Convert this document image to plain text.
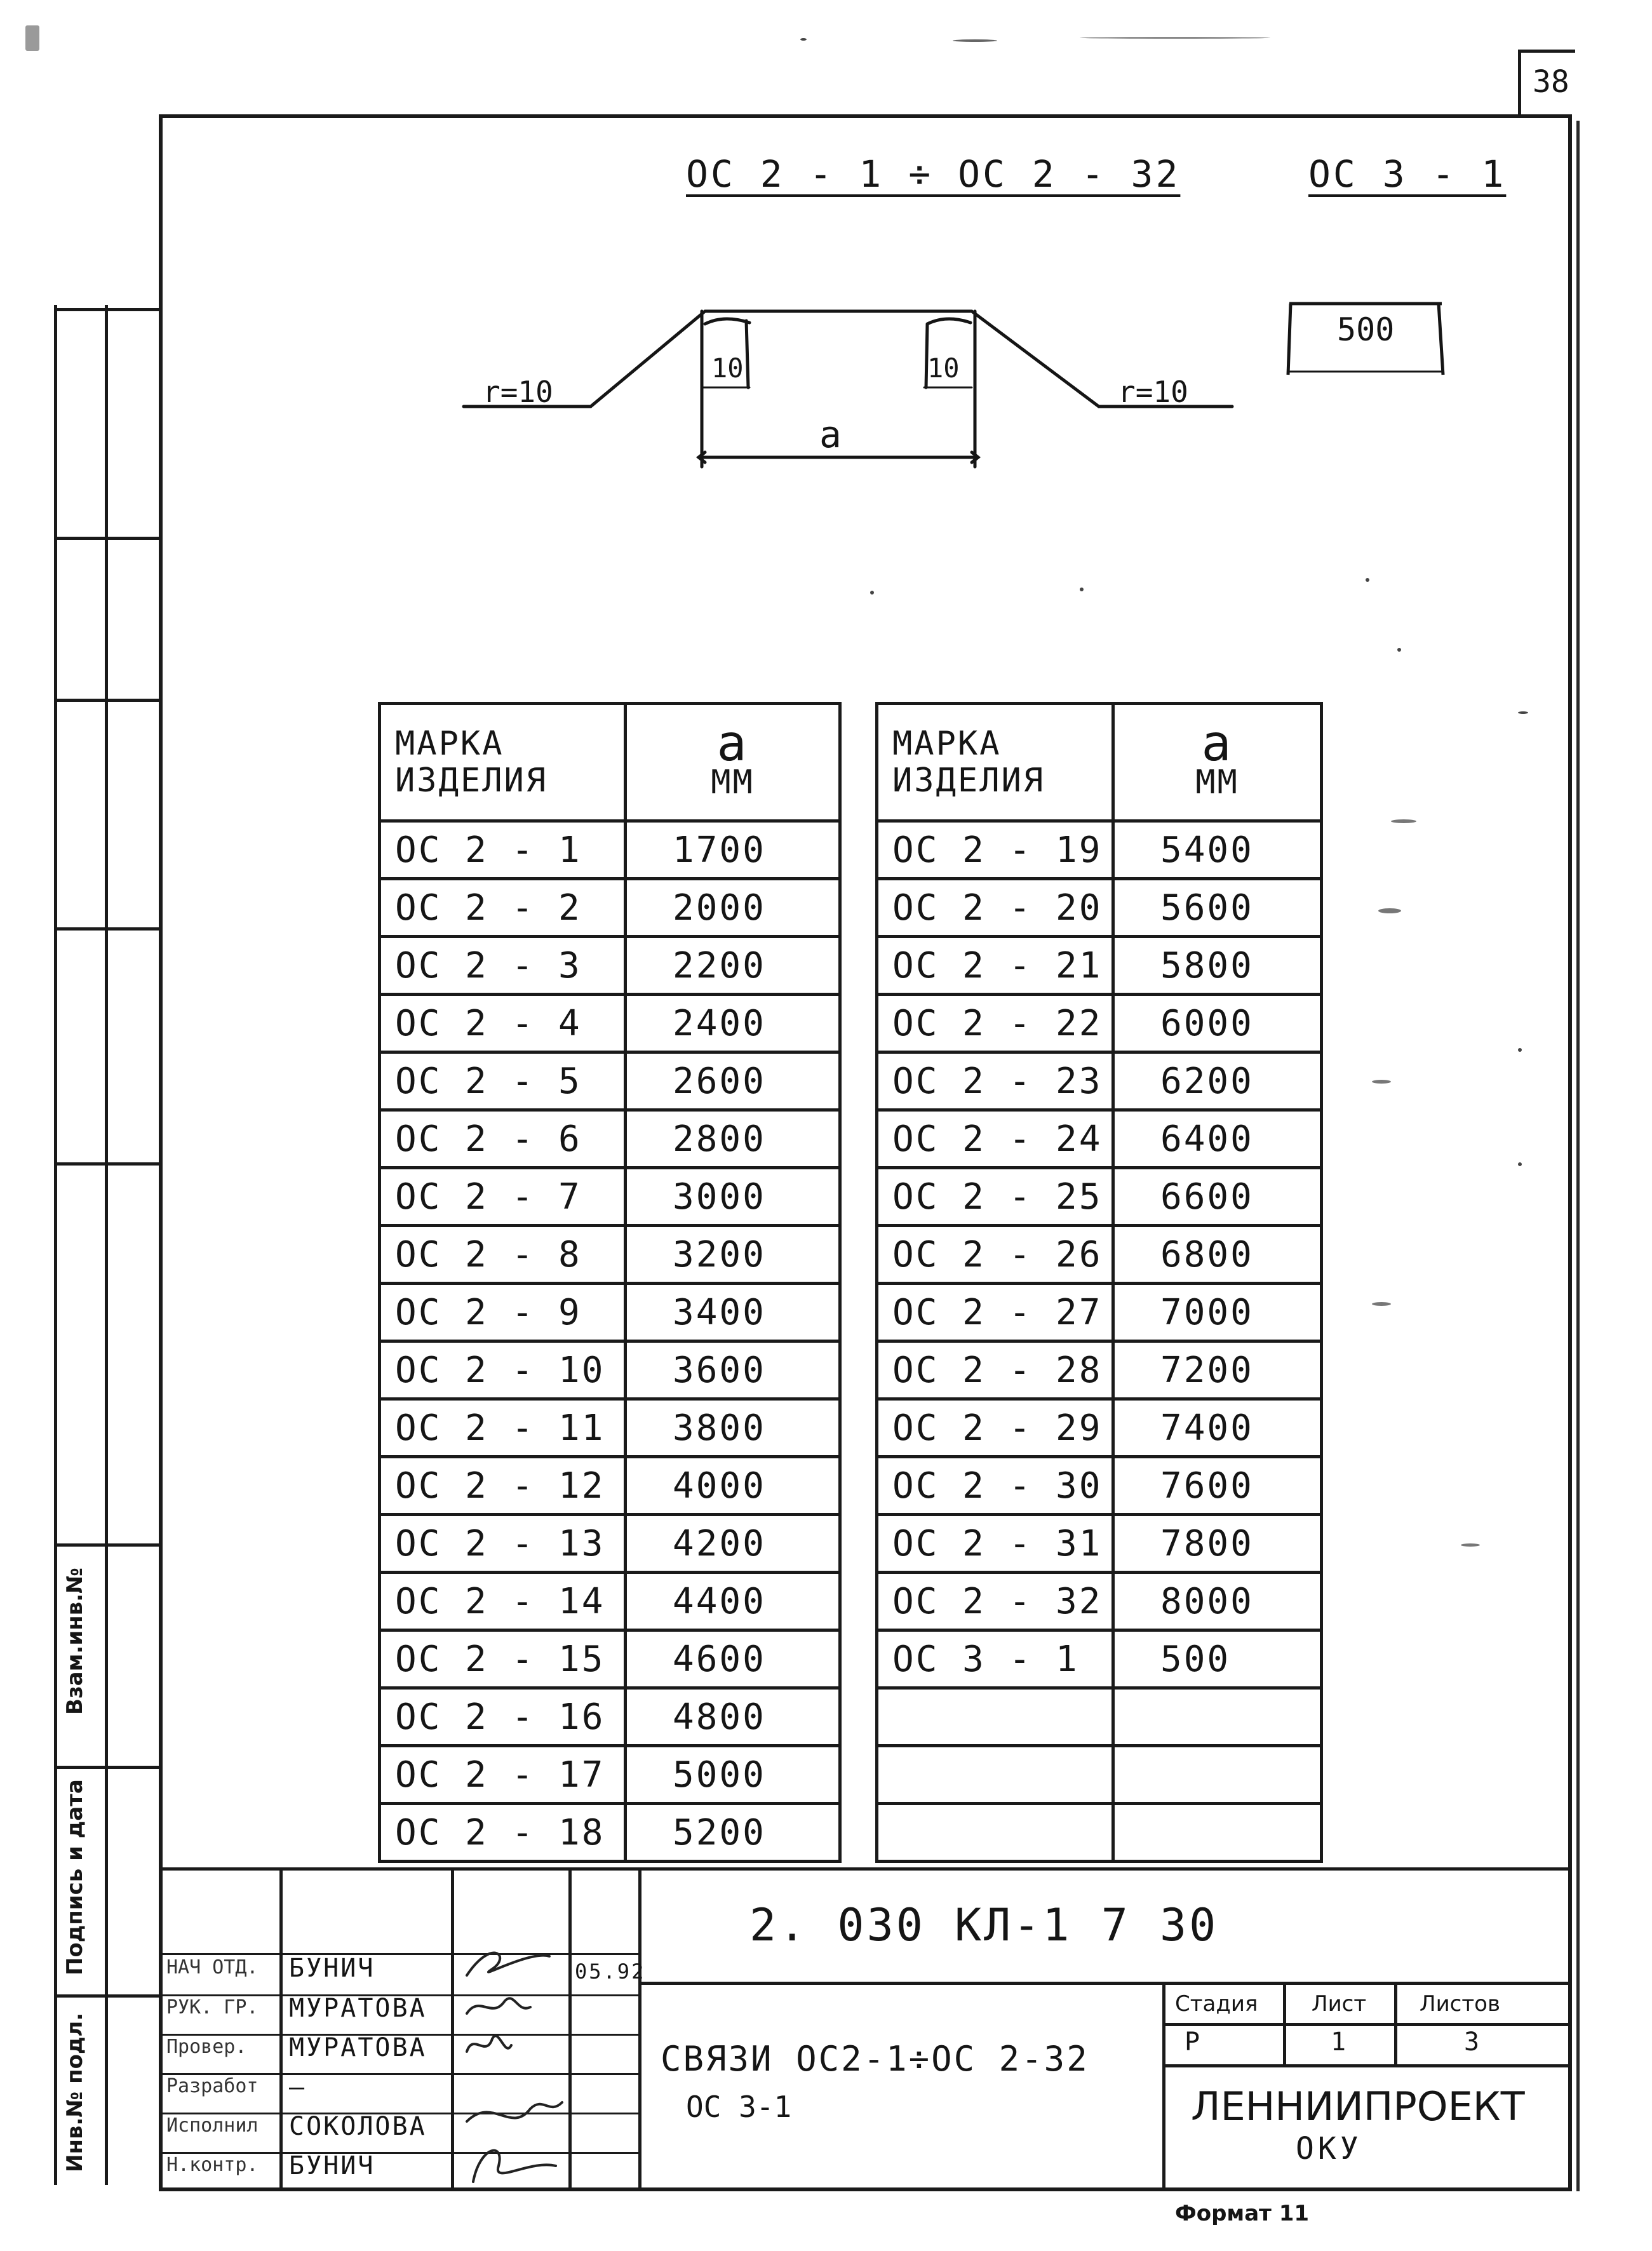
38
Взам.инв.№
Подпись и дата
Инв.№ подл.
ОС 2 - 1 ÷ ОС 2 - 32	ОС 3 - 1
r=10	r=10
10	10
a
500
МАРКА
ИЗДЕЛИЯ	a
ММ
ОС 2 - 1	1700
ОС 2 - 2	2000
ОС 2 - 3	2200
ОС 2 - 4	2400
ОС 2 - 5	2600
ОС 2 - 6	2800
ОС 2 - 7	3000
ОС 2 - 8	3200
ОС 2 - 9	3400
ОС 2 - 10	3600
ОС 2 - 11	3800
ОС 2 - 12	4000
ОС 2 - 13	4200
ОС 2 - 14	4400
ОС 2 - 15	4600
ОС 2 - 16	4800
ОС 2 - 17	5000
ОС 2 - 18	5200
МАРКА
ИЗДЕЛИЯ	a
ММ
ОС 2 - 19	5400
ОС 2 - 20	5600
ОС 2 - 21	5800
ОС 2 - 22	6000
ОС 2 - 23	6200
ОС 2 - 24	6400
ОС 2 - 25	6600
ОС 2 - 26	6800
ОС 2 - 27	7000
ОС 2 - 28	7200
ОС 2 - 29	7400
ОС 2 - 30	7600
ОС 2 - 31	7800
ОС 2 - 32	8000
ОС 3 - 1	500

НАЧ ОТД. БУНИЧ
РУК. ГР. МУРАТОВА
Провер. МУРАТОВА
Разработ —
Исполнил СОКОЛОВА
Н.контр. БУНИЧ
05.92
2. 030 КЛ-1 7 30
СВЯЗИ ОС2-1÷ОС 2-32
ОС 3-1
Стадия Лист Листов
Р	1	3
ЛЕННИИПРОЕКТ
ОКУ
Формат 11
